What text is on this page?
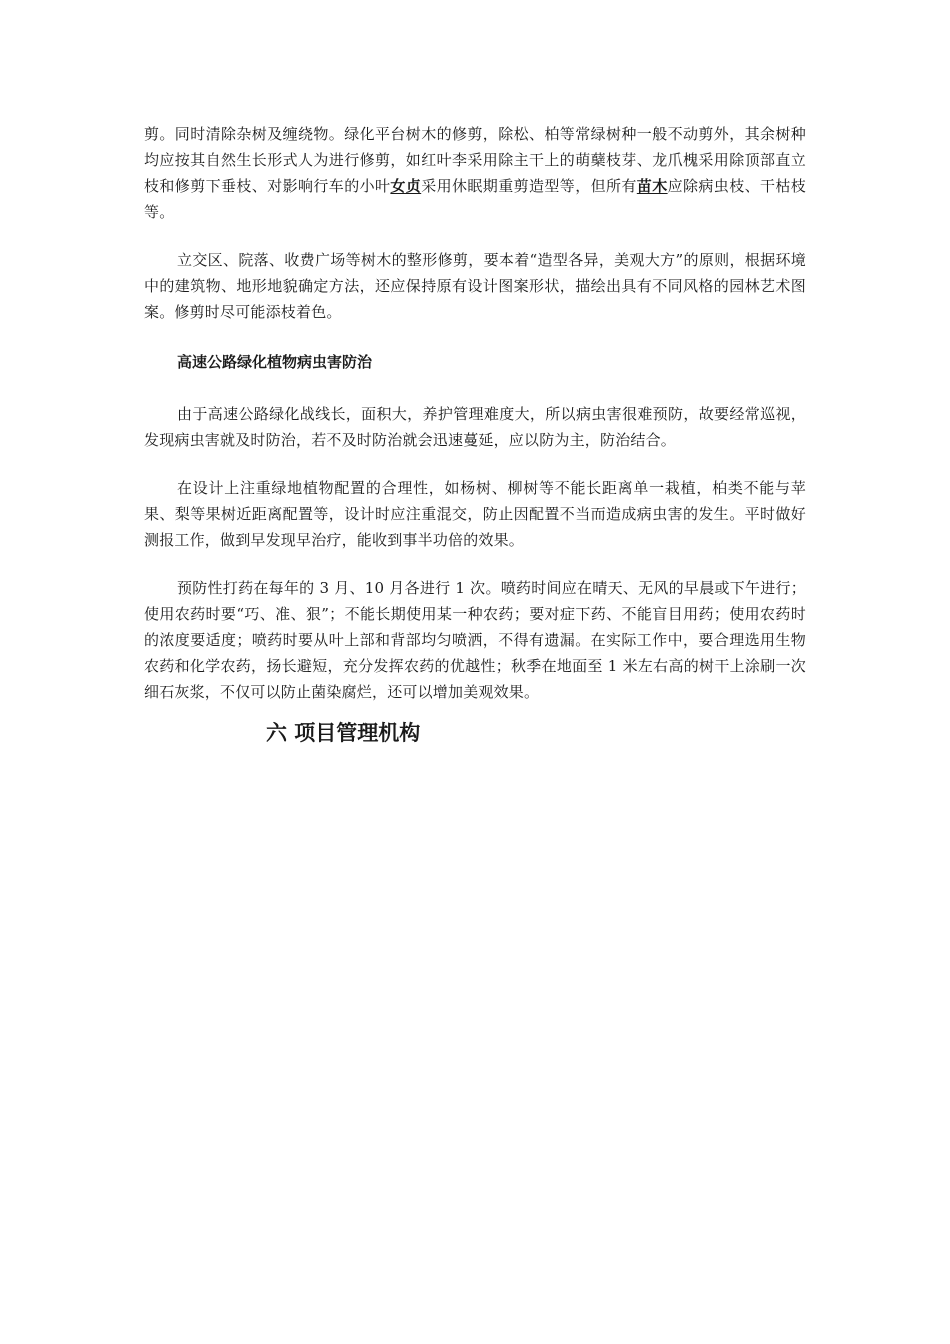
剪。同时清除杂树及缠绕物。绿化平台树木的修剪，除松、柏等常绿树种一般不动剪外，其余树种均应按其自然生长形式人为进行修剪，如红叶李采用除主干上的萌蘖枝芽、龙爪槐采用除顶部直立枝和修剪下垂枝、对影响行车的小叶女贞采用休眠期重剪造型等，但所有苗木应除病虫枝、干枯枝等。

立交区、院落、收费广场等树木的整形修剪，要本着“造型各异，美观大方”的原则，根据环境中的建筑物、地形地貌确定方法，还应保持原有设计图案形状，描绘出具有不同风格的园林艺术图案。修剪时尽可能添枝着色。

高速公路绿化植物病虫害防治

由于高速公路绿化战线长，面积大，养护管理难度大，所以病虫害很难预防，故要经常巡视，发现病虫害就及时防治，若不及时防治就会迅速蔓延，应以防为主，防治结合。

在设计上注重绿地植物配置的合理性，如杨树、柳树等不能长距离单一栽植，柏类不能与苹果、梨等果树近距离配置等，设计时应注重混交，防止因配置不当而造成病虫害的发生。平时做好测报工作，做到早发现早治疗，能收到事半功倍的效果。

预防性打药在每年的 3 月、10 月各进行 1 次。喷药时间应在晴天、无风的早晨或下午进行；使用农药时要“巧、准、狠”；不能长期使用某一种农药；要对症下药、不能盲目用药；使用农药时的浓度要适度；喷药时要从叶上部和背部均匀喷洒，不得有遗漏。在实际工作中，要合理选用生物农药和化学农药，扬长避短，充分发挥农药的优越性；秋季在地面至 1 米左右高的树干上涂刷一次细石灰浆，不仅可以防止菌染腐烂，还可以增加美观效果。

六 项目管理机构
